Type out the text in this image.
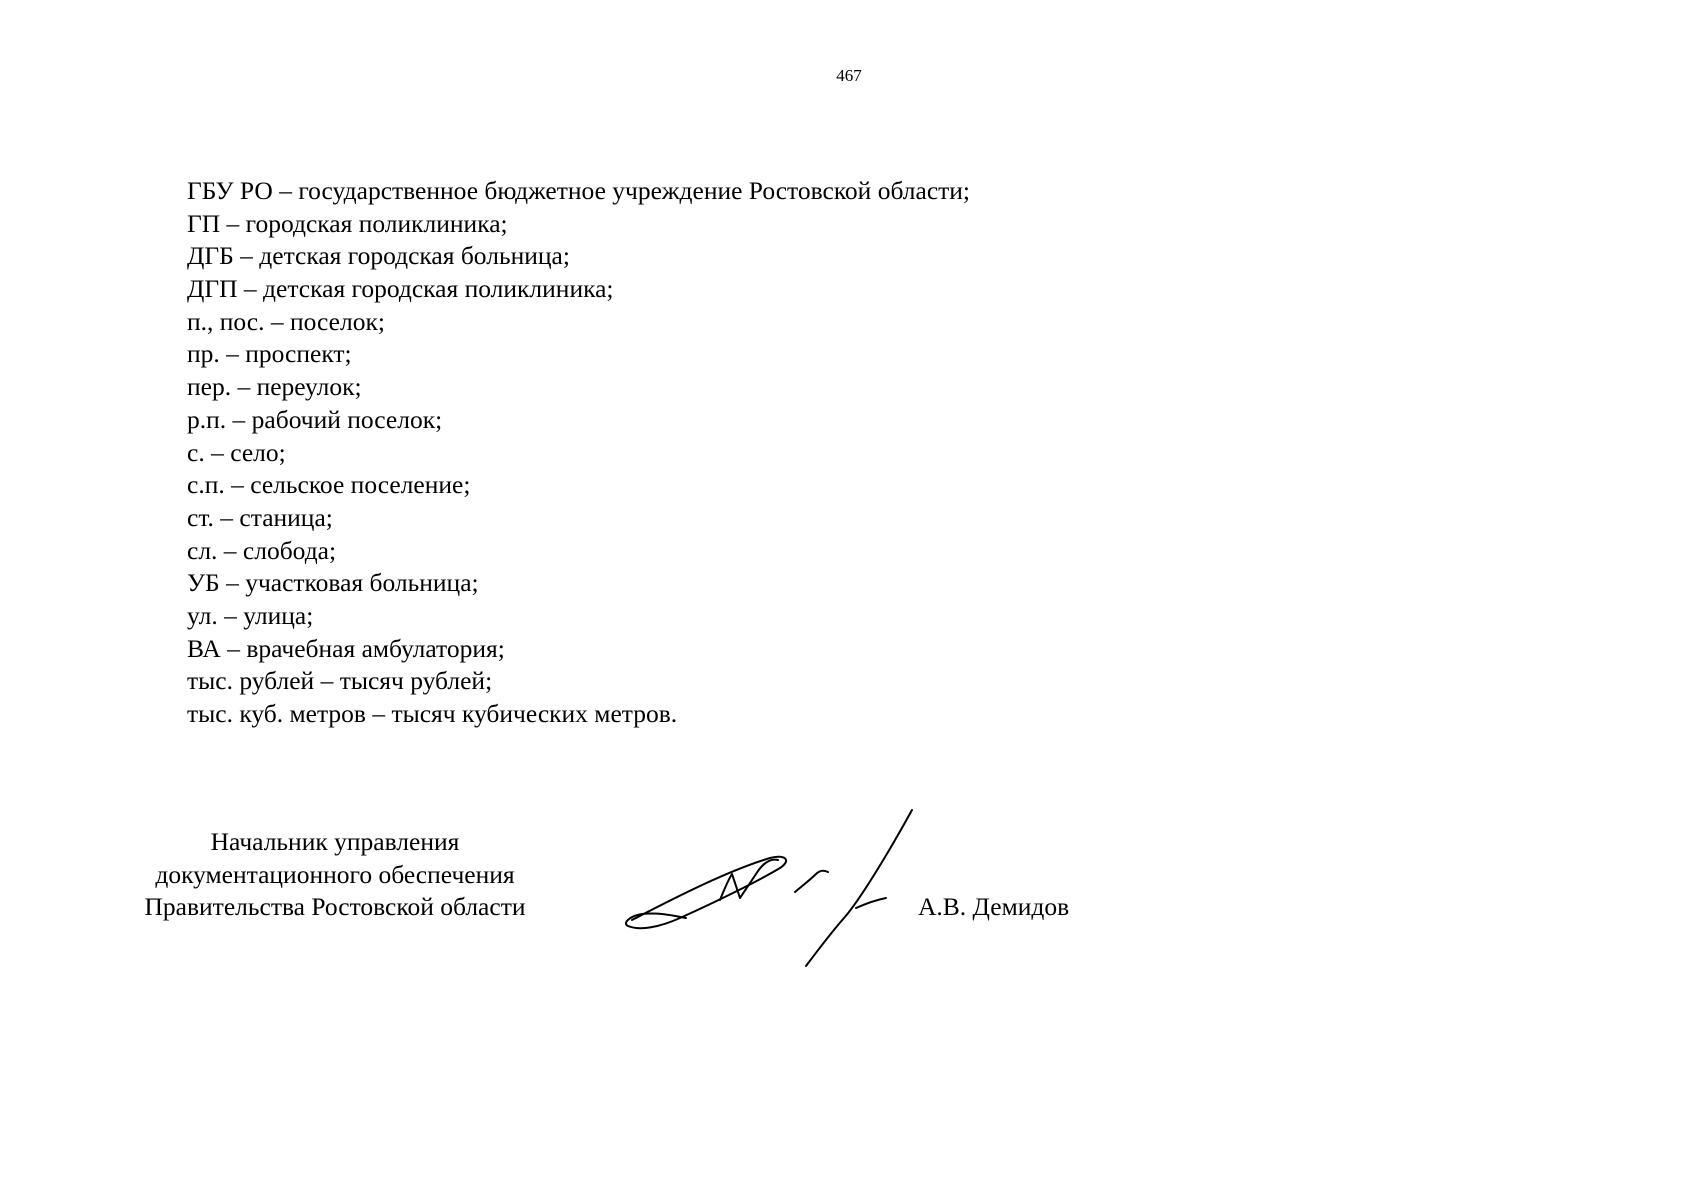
467
ГБУ РО – государственное бюджетное учреждение Ростовской области;
ГП – городская поликлиника;
ДГБ – детская городская больница;
ДГП – детская городская поликлиника;
п., пос. – поселок;
пр. – проспект;
пер. – переулок;
р.п. – рабочий поселок;
с. – село;
с.п. – сельское поселение;
ст. – станица;
сл. – слобода;
УБ – участковая больница;
ул. – улица;
ВА – врачебная амбулатория;
тыс. рублей – тысяч рублей;
тыс. куб. метров – тысяч кубических метров.
Начальник управления
документационного обеспечения
Правительства Ростовской области	А.В. Демидов
